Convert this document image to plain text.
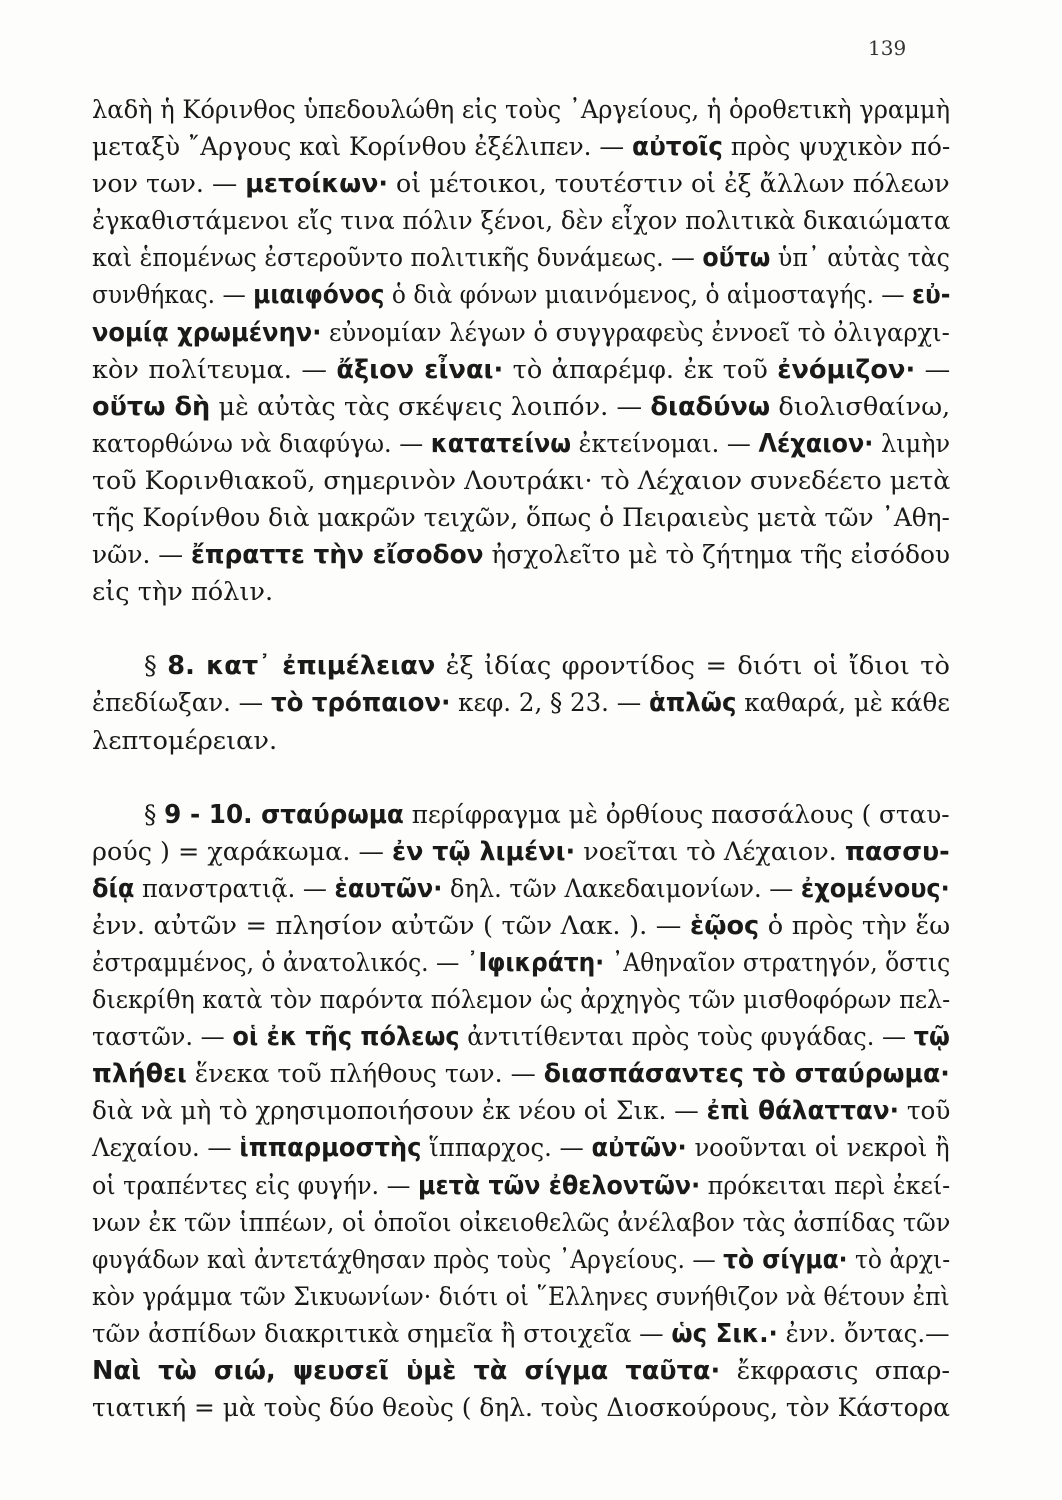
139
λαδὴ ἡ Κόρινθος ὑπεδουλώθη εἰς τοὺς ᾿Αργείους, ἡ ὁροθετικὴ γραμμὴ
μεταξὺ ῎Αργους καὶ Κορίνθου ἐξέλιπεν. — αὐτοῖς πρὸς ψυχικὸν πό-
νον των. — μετοίκων· οἱ μέτοικοι, τουτέστιν οἱ ἐξ ἄλλων πόλεων
ἐγκαθιστάμενοι εἴς τινα πόλιν ξένοι, δὲν εἶχον πολιτικὰ δικαιώματα
καὶ ἑπομένως ἐστεροῦντο πολιτικῆς δυνάμεως. — οὕτω ὑπ᾿ αὐτὰς τὰς
συνθήκας. — μιαιφόνος ὁ διὰ φόνων μιαινόμενος, ὁ αἱμοσταγής. — εὐ-
νομίᾳ χρωμένην· εὐνομίαν λέγων ὁ συγγραφεὺς ἐννοεῖ τὸ ὀλιγαρχι-
κὸν πολίτευμα. — ἄξιον εἶναι· τὸ ἀπαρέμφ. ἐκ τοῦ ἐνόμιζον· —
οὕτω δὴ μὲ αὐτὰς τὰς σκέψεις λοιπόν. — διαδύνω διολισθαίνω,
κατορθώνω νὰ διαφύγω. — κατατείνω ἐκτείνομαι. — Λέχαιον· λιμὴν
τοῦ Κορινθιακοῦ, σημερινὸν Λουτράκι· τὸ Λέχαιον συνεδέετο μετὰ
τῆς Κορίνθου διὰ μακρῶν τειχῶν, ὅπως ὁ Πειραιεὺς μετὰ τῶν ᾿Αθη-
νῶν. — ἔπραττε τὴν εἴσοδον ἠσχολεῖτο μὲ τὸ ζήτημα τῆς εἰσόδου
εἰς τὴν πόλιν.
§ 8. κατ᾿ ἐπιμέλειαν ἐξ ἰδίας φροντίδος = διότι οἱ ἴδιοι τὸ
ἐπεδίωξαν. — τὸ τρόπαιον· κεφ. 2, § 23. — ἁπλῶς καθαρά, μὲ κάθε
λεπτομέρειαν.
§ 9 - 10. σταύρωμα περίφραγμα μὲ ὀρθίους πασσάλους ( σταυ-
ρούς ) = χαράκωμα. — ἐν τῷ λιμένι· νοεῖται τὸ Λέχαιον. πασσυ-
δίᾳ πανστρατιᾷ. — ἑαυτῶν· δηλ. τῶν Λακεδαιμονίων. — ἐχομένους·
ἐνν. αὐτῶν = πλησίον αὐτῶν ( τῶν Λακ. ). — ἑῷος ὁ πρὸς τὴν ἕω
ἐστραμμένος, ὁ ἀνατολικός. — ᾿Ιφικράτη· ᾿Αθηναῖον στρατηγόν, ὅστις
διεκρίθη κατὰ τὸν παρόντα πόλεμον ὡς ἀρχηγὸς τῶν μισθοφόρων πελ-
ταστῶν. — οἱ ἐκ τῆς πόλεως ἀντιτίθενται πρὸς τοὺς φυγάδας. — τῷ
πλήθει ἕνεκα τοῦ πλήθους των. — διασπάσαντες τὸ σταύρωμα·
διὰ νὰ μὴ τὸ χρησιμοποιήσουν ἐκ νέου οἱ Σικ. — ἐπὶ θάλατταν· τοῦ
Λεχαίου. — ἱππαρμοστὴς ἵππαρχος. — αὐτῶν· νοοῦνται οἱ νεκροὶ ἢ
οἱ τραπέντες εἰς φυγήν. — μετὰ τῶν ἐθελοντῶν· πρόκειται περὶ ἐκεί-
νων ἐκ τῶν ἱππέων, οἱ ὁποῖοι οἰκειοθελῶς ἀνέλαβον τὰς ἀσπίδας τῶν
φυγάδων καὶ ἀντετάχθησαν πρὸς τοὺς ᾿Αργείους. — τὸ σίγμα· τὸ ἀρχι-
κὸν γράμμα τῶν Σικυωνίων· διότι οἱ ῞Ελληνες συνήθιζον νὰ θέτουν ἐπὶ
τῶν ἀσπίδων διακριτικὰ σημεῖα ἢ στοιχεῖα — ὡς Σικ.· ἐνν. ὄντας.—
Ναὶ τὼ σιώ, ψευσεῖ ὑμὲ τὰ σίγμα ταῦτα· ἔκφρασις σπαρ-
τιατική = μὰ τοὺς δύο θεοὺς ( δηλ. τοὺς Διοσκούρους, τὸν Κάστορα
